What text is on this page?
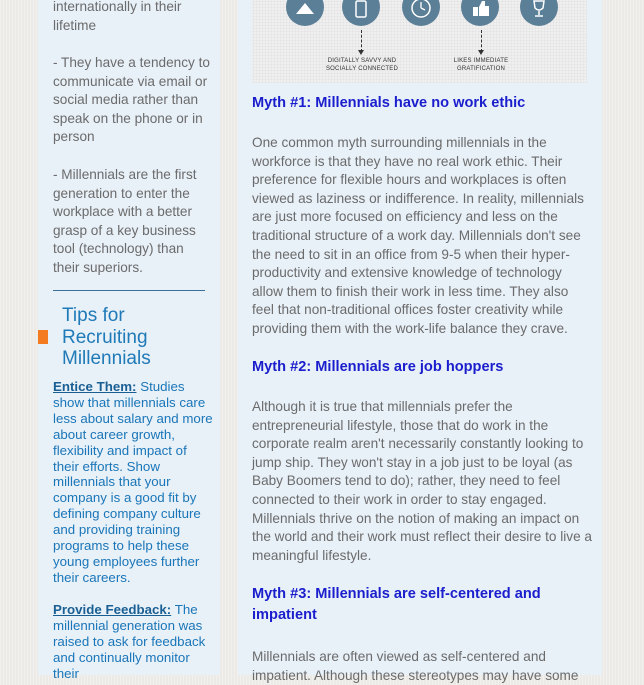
internationally in their lifetime

- They have a tendency to communicate via email or social media rather than speak on the phone or in person

- Millennials are the first generation to enter the workplace with a better grasp of a key business tool (technology) than their superiors.

Tips for Recruiting Millennials

Entice Them: Studies show that millennials care less about salary and more about career growth, flexibility and impact of their efforts. Show millennials that your company is a good fit by defining company culture and providing training programs to help these young employees further their careers.

Provide Feedback: The millennial generation was raised to ask for feedback and continually monitor their

DIGITALLY SAVVY AND SOCIALLY CONNECTED
LIKES IMMEDIATE GRATIFICATION
Myth #1: Millennials have no work ethic

One common myth surrounding millennials in the workforce is that they have no real work ethic. Their preference for flexible hours and workplaces is often viewed as laziness or indifference. In reality, millennials are just more focused on efficiency and less on the traditional structure of a work day. Millennials don't see the need to sit in an office from 9-5 when their hyper-productivity and extensive knowledge of technology allow them to finish their work in less time. They also feel that non-traditional offices foster creativity while providing them with the work-life balance they crave.

Myth #2: Millennials are job hoppers

Although it is true that millennials prefer the entrepreneurial lifestyle, those that do work in the corporate realm aren't necessarily constantly looking to jump ship. They won't stay in a job just to be loyal (as Baby Boomers tend to do); rather, they need to feel connected to their work in order to stay engaged. Millennials thrive on the notion of making an impact on the world and their work must reflect their desire to live a meaningful lifestyle.

Myth #3: Millennials are self-centered and impatient

Millennials are often viewed as self-centered and impatient. Although these stereotypes may have some
